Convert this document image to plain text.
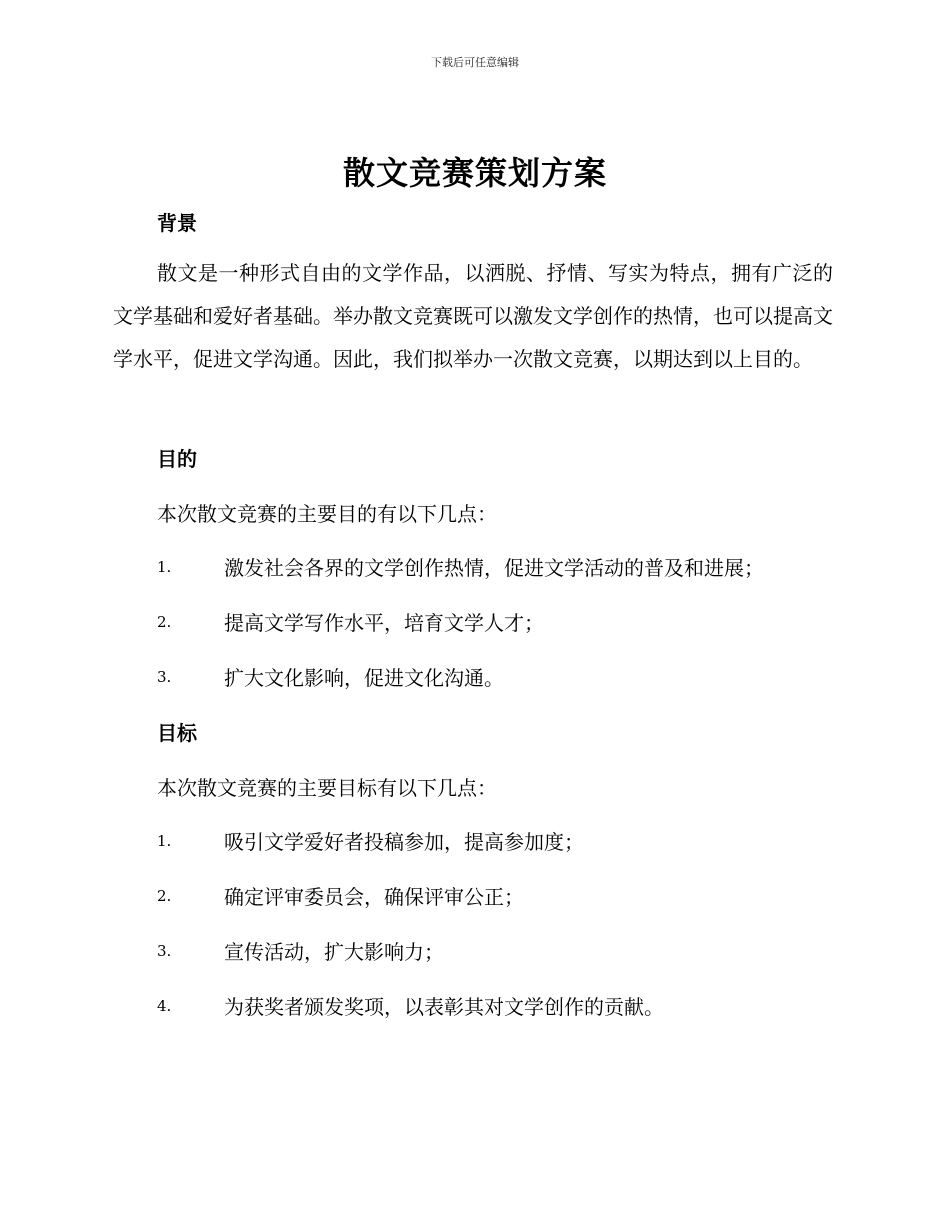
下载后可任意编辑
散文竞赛策划方案
背景

散文是一种形式自由的文学作品，以洒脱、抒情、写实为特点，拥有广泛的文学基础和爱好者基础。举办散文竞赛既可以激发文学创作的热情，也可以提高文学水平，促进文学沟通。因此，我们拟举办一次散文竞赛，以期达到以上目的。

目的

本次散文竞赛的主要目的有以下几点：

1.	激发社会各界的文学创作热情，促进文学活动的普及和进展；
2.	提高文学写作水平，培育文学人才；
3.	扩大文化影响，促进文化沟通。
目标

本次散文竞赛的主要目标有以下几点：

1.	吸引文学爱好者投稿参加，提高参加度；
2.	确定评审委员会，确保评审公正；
3.	宣传活动，扩大影响力；
4.	为获奖者颁发奖项，以表彰其对文学创作的贡献。
